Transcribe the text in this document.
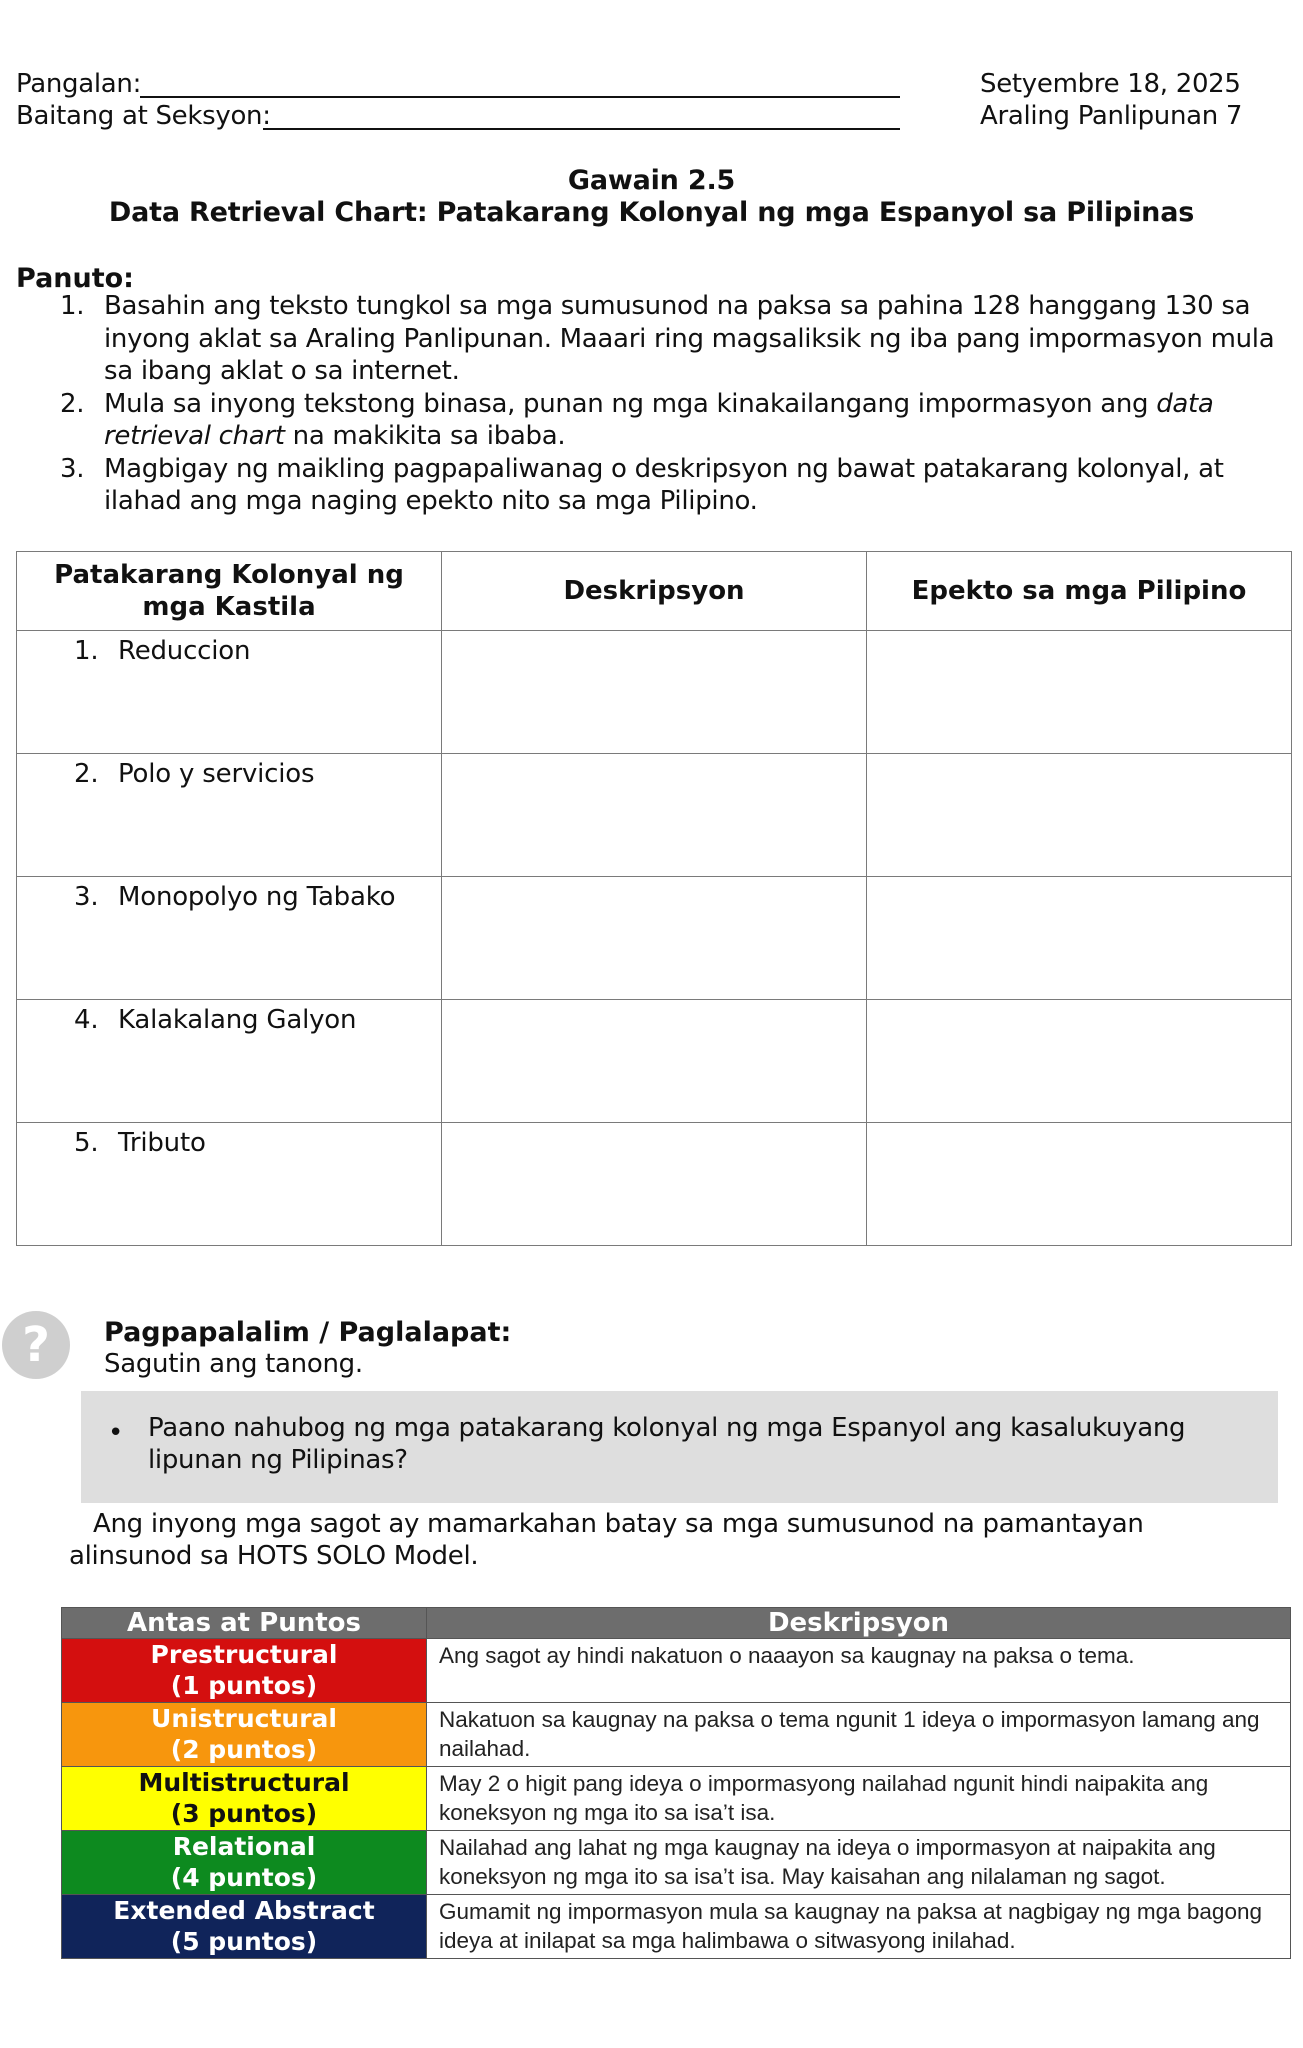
Pangalan:
Baitang at Seksyon:
Setyembre 18, 2025
Araling Panlipunan 7
Gawain 2.5
Data Retrieval Chart: Patakarang Kolonyal ng mga Espanyol sa Pilipinas
Panuto:
1. Basahin ang teksto tungkol sa mga sumusunod na paksa sa pahina 128 hanggang 130 sa inyong aklat sa Araling Panlipunan. Maaari ring magsaliksik ng iba pang impormasyon mula sa ibang aklat o sa internet.
2. Mula sa inyong tekstong binasa, punan ng mga kinakailangang impormasyon ang data retrieval chart na makikita sa ibaba.
3. Magbigay ng maikling pagpapaliwanag o deskripsyon ng bawat patakarang kolonyal, at ilahad ang mga naging epekto nito sa mga Pilipino.
Patakarang Kolonyal ng mga Kastila	Deskripsyon	Epekto sa mga Pilipino

1. Reduccion		

2. Polo y servicios		

3. Monopolyo ng Tabako		

4. Kalakalang Galyon		

5. Tributo		

?	Pagpapalalim / Paglalapat:
Sagutin ang tanong.
• Paano nahubog ng mga patakarang kolonyal ng mga Espanyol ang kasalukuyang lipunan ng Pilipinas?
Ang inyong mga sagot ay mamarkahan batay sa mga sumusunod na pamantayan alinsunod sa HOTS SOLO Model.
Antas at Puntos	Deskripsyon

Prestructural
(1 puntos)	Ang sagot ay hindi nakatuon o naaayon sa kaugnay na paksa o tema.

Unistructural
(2 puntos)	Nakatuon sa kaugnay na paksa o tema ngunit 1 ideya o impormasyon lamang ang nailahad.

Multistructural
(3 puntos)	May 2 o higit pang ideya o impormasyong nailahad ngunit hindi naipakita ang koneksyon ng mga ito sa isa’t isa.

Relational
(4 puntos)	Nailahad ang lahat ng mga kaugnay na ideya o impormasyon at naipakita ang koneksyon ng mga ito sa isa’t isa. May kaisahan ang nilalaman ng sagot.

Extended Abstract
(5 puntos)	Gumamit ng impormasyon mula sa kaugnay na paksa at nagbigay ng mga bagong ideya at inilapat sa mga halimbawa o sitwasyong inilahad.
